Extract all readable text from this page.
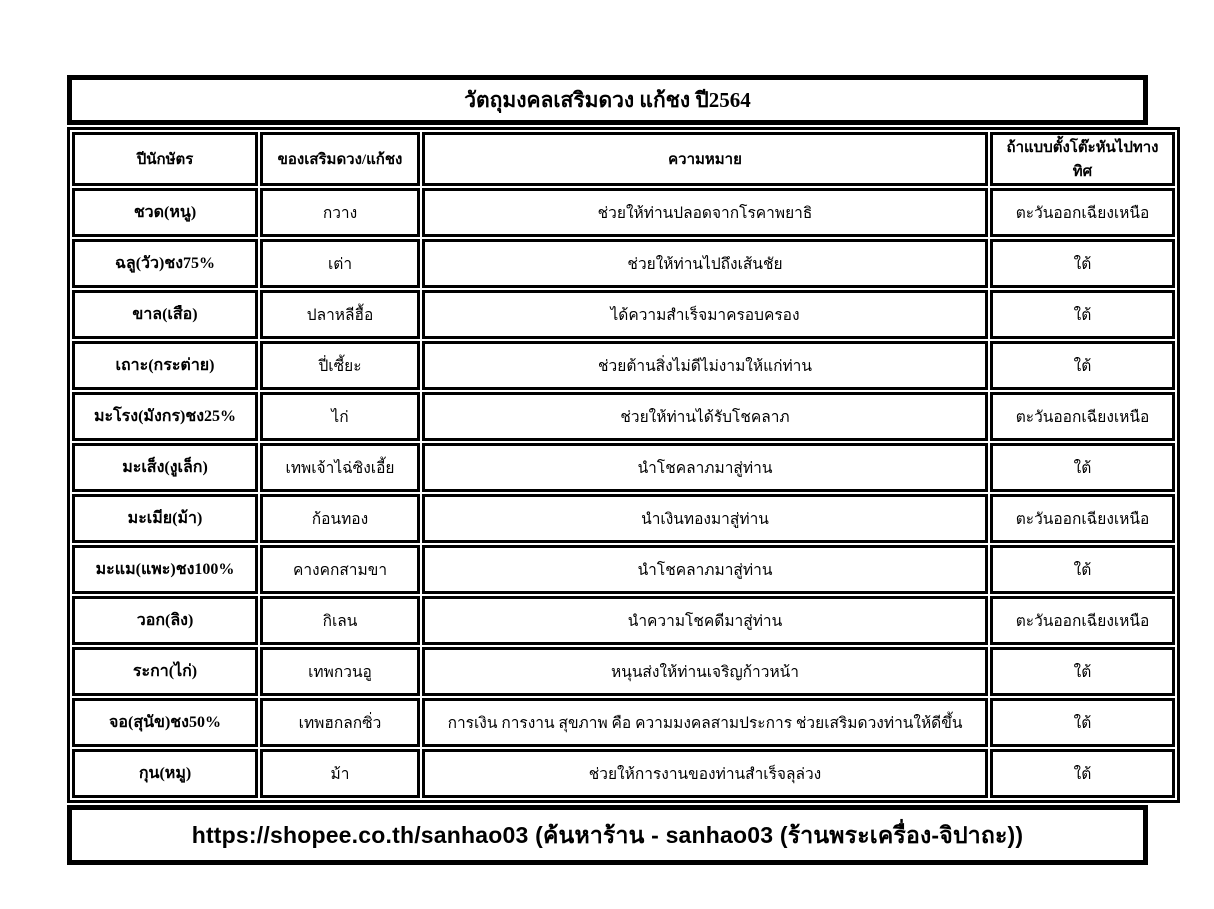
วัตถุมงคลเสริมดวง แก้ชง ปี2564
ปีนักษัตร	ของเสริมดวง/แก้ชง	ความหมาย	ถ้าแบบตั้งโต๊ะหันไปทางทิศ
ชวด(หนู)	กวาง	ช่วยให้ท่านปลอดจากโรคาพยาธิ	ตะวันออกเฉียงเหนือ
ฉลู(วัว)ชง75%	เต่า	ช่วยให้ท่านไปถึงเส้นชัย	ใต้
ขาล(เสือ)	ปลาหลีฮื้อ	ได้ความสำเร็จมาครอบครอง	ใต้
เถาะ(กระต่าย)	ปี่เซี้ยะ	ช่วยต้านสิ่งไม่ดีไม่งามให้แก่ท่าน	ใต้
มะโรง(มังกร)ชง25%	ไก่	ช่วยให้ท่านได้รับโชคลาภ	ตะวันออกเฉียงเหนือ
มะเส็ง(งูเล็ก)	เทพเจ้าไฉ่ซิงเอี้ย	นำโชคลาภมาสู่ท่าน	ใต้
มะเมีย(ม้า)	ก้อนทอง	นำเงินทองมาสู่ท่าน	ตะวันออกเฉียงเหนือ
มะแม(แพะ)ชง100%	คางคกสามขา	นำโชคลาภมาสู่ท่าน	ใต้
วอก(ลิง)	กิเลน	นำความโชคดีมาสู่ท่าน	ตะวันออกเฉียงเหนือ
ระกา(ไก่)	เทพกวนอู	หนุนส่งให้ท่านเจริญก้าวหน้า	ใต้
จอ(สุนัข)ชง50%	เทพฮกลกซิ่ว	การเงิน การงาน สุขภาพ คือ ความมงคลสามประการ ช่วยเสริมดวงท่านให้ดีขึ้น	ใต้
กุน(หมู)	ม้า	ช่วยให้การงานของท่านสำเร็จลุล่วง	ใต้
https://shopee.co.th/sanhao03 (ค้นหาร้าน - sanhao03 (ร้านพระเครื่อง-จิปาถะ))
